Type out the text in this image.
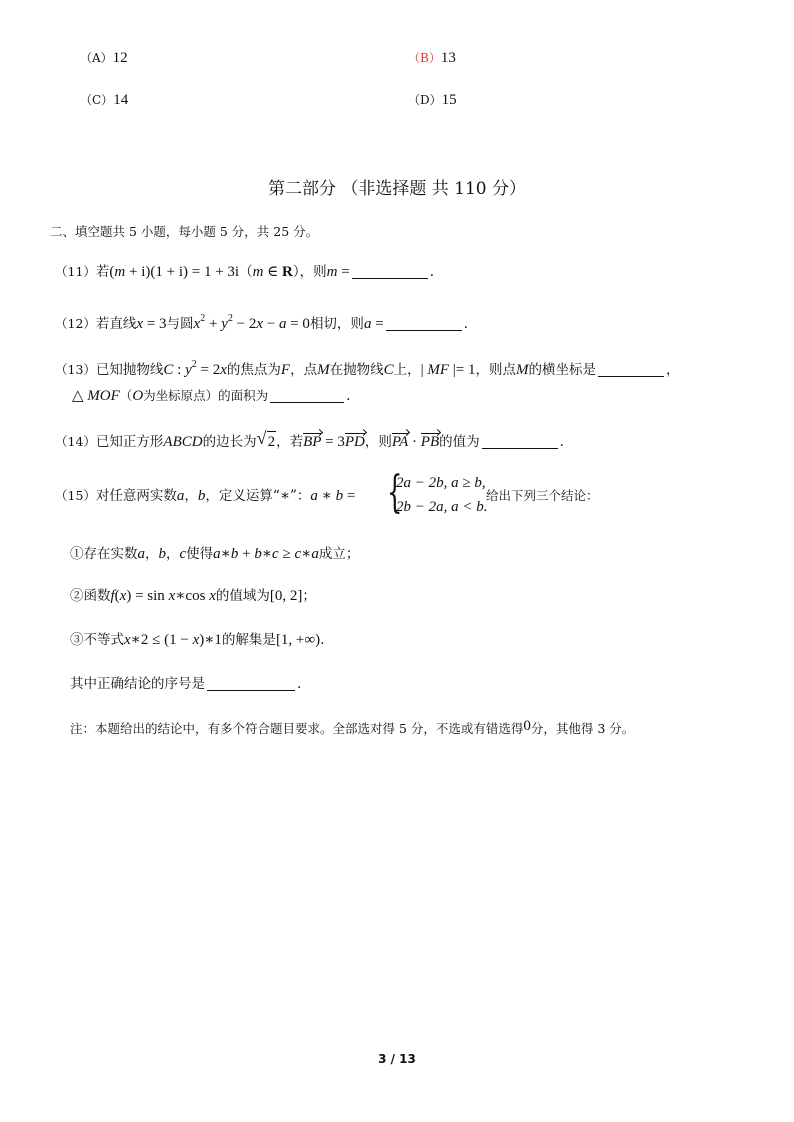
（A）12	（B）13
（C）14	（D）15
第二部分 （非选择题 共 110 分）
二、填空题共 5 小题，每小题 5 分，共 25 分。
（11）若(m + i)(1 + i) = 1 + 3i（m ∈ R），则m =	.
（12）若直线x = 3与圆$x^2 + y^2 - 2x - a = 0$相切，则a =	.
（13）已知抛物线C : $y^2 = 2x$的焦点为F，点M在抛物线C上，| MF |= 1，则点M的横坐标是	，
△ MOF（O为坐标原点）的面积为	.
（14）已知正方形ABCD的边长为√ 2，若BP = 3PD，则PA · PB的值为	.
（15）对任意两实数a，b，定义运算“∗”：a ∗ b = {
2a − 2b, a ≥ b,
2b − 2a, a < b.
给出下列三个结论：
①存在实数a，b，c使得a∗b + b∗c ≥ c∗a成立；
②函数f(x) = sin x∗cos x的值域为[0, 2]；
③不等式x∗2 ≤ (1 − x)∗1的解集是[1, +∞).
其中正确结论的序号是	.
注：本题给出的结论中，有多个符合题目要求。全部选对得 5 分，不选或有错选得0分，其他得 3 分。
3 / 13
